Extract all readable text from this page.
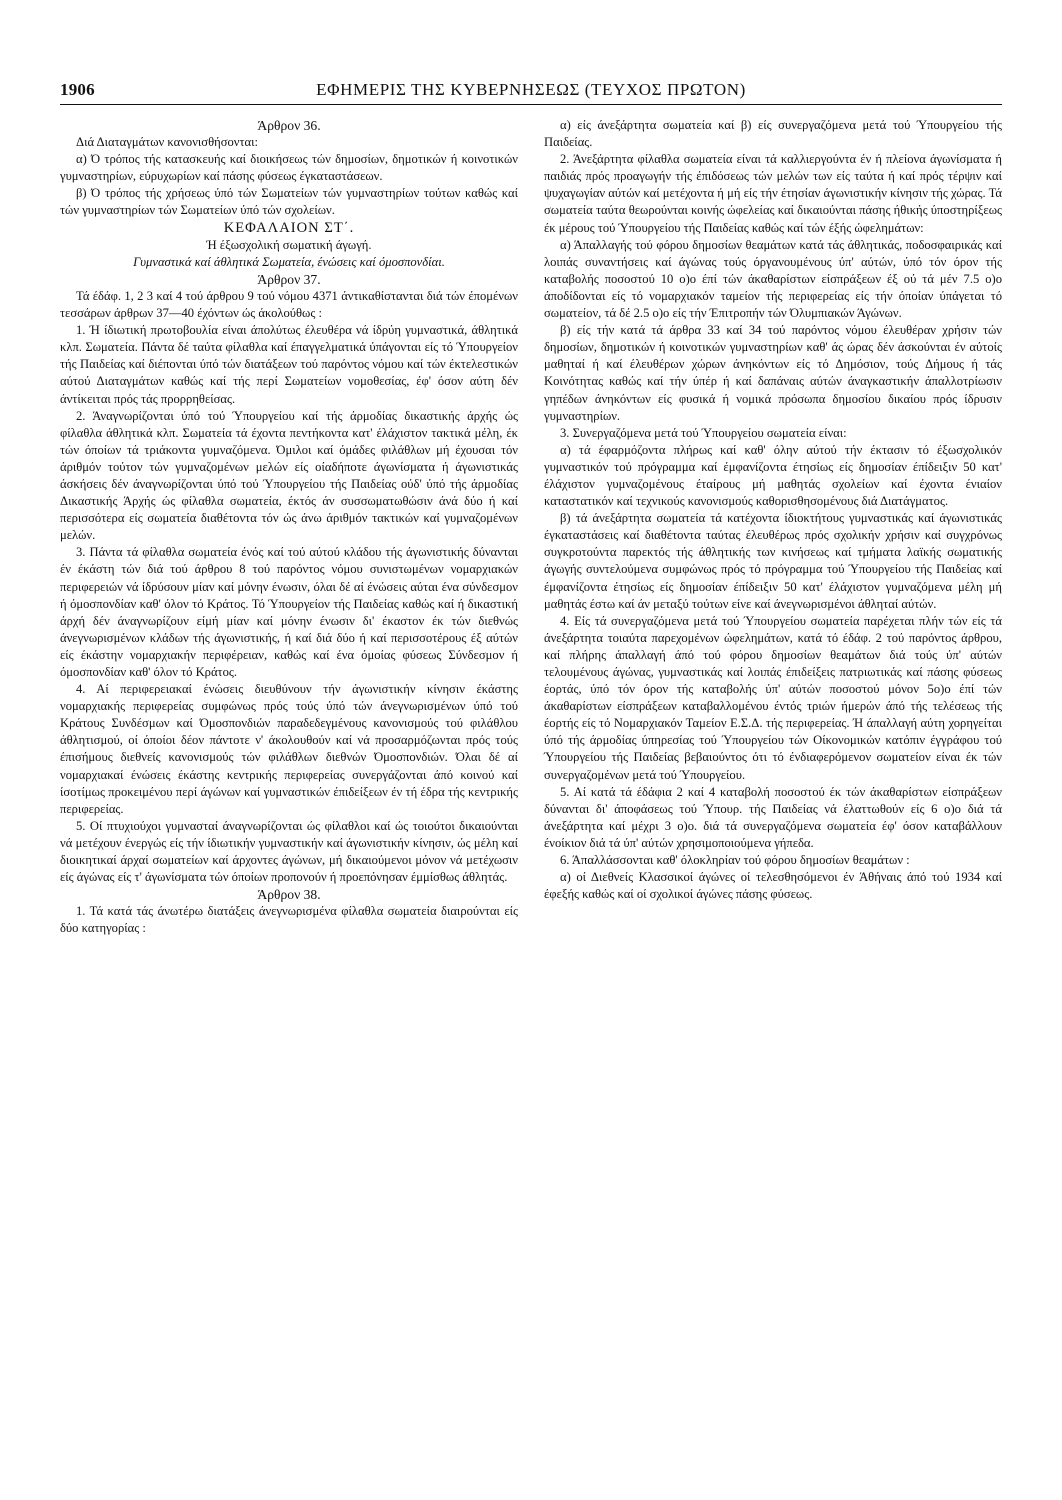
1906	ΕΦΗΜΕΡΙΣ ΤΗΣ ΚΥΒΕΡΝΗΣΕΩΣ (ΤΕΥΧΟΣ ΠΡΩΤΟΝ)

Άρθρον 36.

Διά Διαταγμάτων κανονισθήσονται:

α) Ό τρόπος τής κατασκευής καί διοικήσεως τών δημοσίων, δημοτικών ή κοινοτικών γυμναστηρίων, εύρυχωρίων καί πάσης φύσεως έγκαταστάσεων.

β) Ό τρόπος τής χρήσεως ύπό τών Σωματείων τών γυμναστηρίων τούτων καθώς καί τών γυμναστηρίων τών Σωματείων ύπό τών σχολείων.

ΚΕΦΑΛΑΙΟΝ ΣΤ΄.

Ή έξωσχολική σωματική άγωγή.

Γυμναστικά καί άθλητικά Σωματεία, ένώσεις καί όμοσπονδίαι.

Άρθρον 37.

Τά έδάφ. 1, 2 3 καί 4 τού άρθρου 9 τού νόμου 4371 άντικαθίστανται διά τών έπομένων τεσσάρων άρθρων 37—40 έχόντων ώς άκολούθως :

1. Ή ίδιωτική πρωτοβουλία είναι άπολύτως έλευθέρα νά ίδρύη γυμναστικά, άθλητικά κλπ. Σωματεία. Πάντα δέ ταύτα φίλαθλα καί έπαγγελματικά ύπάγονται είς τό Ύπουργείον τής Παιδείας καί διέπονται ύπό τών διατάξεων τού παρόντος νόμου καί τών έκτελεστικών αύτού Διαταγμάτων καθώς καί τής περί Σωματείων νομοθεσίας, έφ' όσον αύτη δέν άντίκειται πρός τάς προρρηθείσας.

2. Άναγνωρίζονται ύπό τού Ύπουργείου καί τής άρμοδίας δικαστικής άρχής ώς φίλαθλα άθλητικά κλπ. Σωματεία τά έχοντα πεντήκοντα κατ' έλάχιστον τακτικά μέλη, έκ τών όποίων τά τριάκοντα γυμναζόμενα. Όμιλοι καί όμάδες φιλάθλων μή έχουσαι τόν άριθμόν τούτον τών γυμναζομένων μελών είς οίαδήποτε άγωνίσματα ή άγωνιστικάς άσκήσεις δέν άναγνωρίζονται ύπό τού Ύπουργείου τής Παιδείας ούδ' ύπό τής άρμοδίας Δικαστικής Άρχής ώς φίλαθλα σωματεία, έκτός άν συσσωματωθώσιν άνά δύο ή καί περισσότερα είς σωματεία διαθέτοντα τόν ώς άνω άριθμόν τακτικών καί γυμναζομένων μελών.

3. Πάντα τά φίλαθλα σωματεία ένός καί τού αύτού κλάδου τής άγωνιστικής δύνανται έν έκάστη τών διά τού άρθρου 8 τού παρόντος νόμου συνιστωμένων νομαρχιακών περιφερειών νά ίδρύσουν μίαν καί μόνην ένωσιν, όλαι δέ αί ένώσεις αύται ένα σύνδεσμον ή όμοσπονδίαν καθ' όλον τό Κράτος. Τό Ύπουργείον τής Παιδείας καθώς καί ή δικαστική άρχή δέν άναγνωρίζουν είμή μίαν καί μόνην ένωσιν δι' έκαστον έκ τών διεθνώς άνεγνωρισμένων κλάδων τής άγωνιστικής, ή καί διά δύο ή καί περισσοτέρους έξ αύτών είς έκάστην νομαρχιακήν περιφέρειαν, καθώς καί ένα όμοίας φύσεως Σύνδεσμον ή όμοσπονδίαν καθ' όλον τό Κράτος.

4. Αί περιφερειακαί ένώσεις διευθύνουν τήν άγωνιστικήν κίνησιν έκάστης νομαρχιακής περιφερείας συμφώνως πρός τούς ύπό τών άνεγνωρισμένων ύπό τού Κράτους Συνδέσμων καί Όμοσπονδιών παραδεδεγμένους κανονισμούς τού φιλάθλου άθλητισμού, οί όποίοι δέον πάντοτε ν' άκολουθούν καί νά προσαρμόζωνται πρός τούς έπισήμους διεθνείς κανονισμούς τών φιλάθλων διεθνών Όμοσπονδιών. Όλαι δέ αί νομαρχιακαί ένώσεις έκάστης κεντρικής περιφερείας συνεργάζονται άπό κοινού καί ίσοτίμως προκειμένου περί άγώνων καί γυμναστικών έπιδείξεων έν τή έδρα τής κεντρικής περιφερείας.

5. Οί πτυχιούχοι γυμνασταί άναγνωρίζονται ώς φίλαθλοι καί ώς τοιούτοι δικαιούνται νά μετέχουν ένεργώς είς τήν ίδιωτικήν γυμναστικήν καί άγωνιστικήν κίνησιν, ώς μέλη καί διοικητικαί άρχαί σωματείων καί άρχοντες άγώνων, μή δικαιούμενοι μόνον νά μετέχωσιν είς άγώνας είς τ' άγωνίσματα τών όποίων προπονούν ή προεπόνησαν έμμίσθως άθλητάς.

Άρθρον 38.

1. Τά κατά τάς άνωτέρω διατάξεις άνεγνωρισμένα φίλαθλα σωματεία διαιρούνται είς δύο κατηγορίας :

α) είς άνεξάρτητα σωματεία καί β) είς συνεργαζόμενα μετά τού Ύπουργείου τής Παιδείας.

2. Άνεξάρτητα φίλαθλα σωματεία είναι τά καλλιεργούντα έν ή πλείονα άγωνίσματα ή παιδιάς πρός προαγωγήν τής έπιδόσεως τών μελών των είς ταύτα ή καί πρός τέρψιν καί ψυχαγωγίαν αύτών καί μετέχοντα ή μή είς τήν έτησίαν άγωνιστικήν κίνησιν τής χώρας. Τά σωματεία ταύτα θεωρούνται κοινής ώφελείας καί δικαιούνται πάσης ήθικής ύποστηρίξεως έκ μέρους τού Ύπουργείου τής Παιδείας καθώς καί τών έξής ώφελημάτων:

α) Άπαλλαγής τού φόρου δημοσίων θεαμάτων κατά τάς άθλητικάς, ποδοσφαιρικάς καί λοιπάς συναντήσεις καί άγώνας τούς όργανουμένους ύπ' αύτών, ύπό τόν όρον τής καταβολής ποσοστού 10 ο)ο έπί τών άκαθαρίστων είσπράξεων έξ ού τά μέν 7.5 ο)ο άποδίδονται είς τό νομαρχιακόν ταμείον τής περιφερείας είς τήν όποίαν ύπάγεται τό σωματείον, τά δέ 2.5 ο)ο είς τήν Έπιτροπήν τών Όλυμπιακών Άγώνων.

β) είς τήν κατά τά άρθρα 33 καί 34 τού παρόντος νόμου έλευθέραν χρήσιν τών δημοσίων, δημοτικών ή κοινοτικών γυμναστηρίων καθ' άς ώρας δέν άσκούνται έν αύτοίς μαθηταί ή καί έλευθέρων χώρων άνηκόντων είς τό Δημόσιον, τούς Δήμους ή τάς Κοινότητας καθώς καί τήν ύπέρ ή καί δαπάναις αύτών άναγκαστικήν άπαλλοτρίωσιν γηπέδων άνηκόντων είς φυσικά ή νομικά πρόσωπα δημοσίου δικαίου πρός ίδρυσιν γυμναστηρίων.

3. Συνεργαζόμενα μετά τού Ύπουργείου σωματεία είναι:

α) τά έφαρμόζοντα πλήρως καί καθ' όλην αύτού τήν έκτασιν τό έξωσχολικόν γυμναστικόν τού πρόγραμμα καί έμφανίζοντα έτησίως είς δημοσίαν έπίδειξιν 50 κατ' έλάχιστον γυμναζομένους έταίρους μή μαθητάς σχολείων καί έχοντα ένιαίον καταστατικόν καί τεχνικούς κανονισμούς καθορισθησομένους διά Διατάγματος.

β) τά άνεξάρτητα σωματεία τά κατέχοντα ίδιοκτήτους γυμναστικάς καί άγωνιστικάς έγκαταστάσεις καί διαθέτοντα ταύτας έλευθέρως πρός σχολικήν χρήσιν καί συγχρόνως συγκροτούντα παρεκτός τής άθλητικής των κινήσεως καί τμήματα λαϊκής σωματικής άγωγής συντελούμενα συμφώνως πρός τό πρόγραμμα τού Ύπουργείου τής Παιδείας καί έμφανίζοντα έτησίως είς δημοσίαν έπίδειξιν 50 κατ' έλάχιστον γυμναζόμενα μέλη μή μαθητάς έστω καί άν μεταξύ τούτων είνε καί άνεγνωρισμένοι άθληταί αύτών.

4. Είς τά συνεργαζόμενα μετά τού Ύπουργείου σωματεία παρέχεται πλήν τών είς τά άνεξάρτητα τοιαύτα παρεχομένων ώφελημάτων, κατά τό έδάφ. 2 τού παρόντος άρθρου, καί πλήρης άπαλλαγή άπό τού φόρου δημοσίων θεαμάτων διά τούς ύπ' αύτών τελουμένους άγώνας, γυμναστικάς καί λοιπάς έπιδείξεις πατριωτικάς καί πάσης φύσεως έορτάς, ύπό τόν όρον τής καταβολής ύπ' αύτών ποσοστού μόνον 5ο)ο έπί τών άκαθαρίστων είσπράξεων καταβαλλομένου έντός τριών ήμερών άπό τής τελέσεως τής έορτής είς τό Νομαρχιακόν Ταμείον Ε.Σ.Δ. τής περιφερείας. Ή άπαλλαγή αύτη χορηγείται ύπό τής άρμοδίας ύπηρεσίας τού Ύπουργείου τών Οίκονομικών κατόπιν έγγράφου τού Ύπουργείου τής Παιδείας βεβαιούντος ότι τό ένδιαφερόμενον σωματείον είναι έκ τών συνεργαζομένων μετά τού Ύπουργείου.

5. Αί κατά τά έδάφια 2 καί 4 καταβολή ποσοστού έκ τών άκαθαρίστων είσπράξεων δύνανται δι' άποφάσεως τού Ύπουρ. τής Παιδείας νά έλαττωθούν είς 6 ο)ο διά τά άνεξάρτητα καί μέχρι 3 ο)ο. διά τά συνεργαζόμενα σωματεία έφ' όσον καταβάλλουν ένοίκιον διά τά ύπ' αύτών χρησιμοποιούμενα γήπεδα.

6. Άπαλλάσσονται καθ' όλοκληρίαν τού φόρου δημοσίων θεαμάτων :

α) οί Διεθνείς Κλασσικοί άγώνες οί τελεσθησόμενοι έν Άθήναις άπό τού 1934 καί έφεξής καθώς καί οί σχολικοί άγώνες πάσης φύσεως.
